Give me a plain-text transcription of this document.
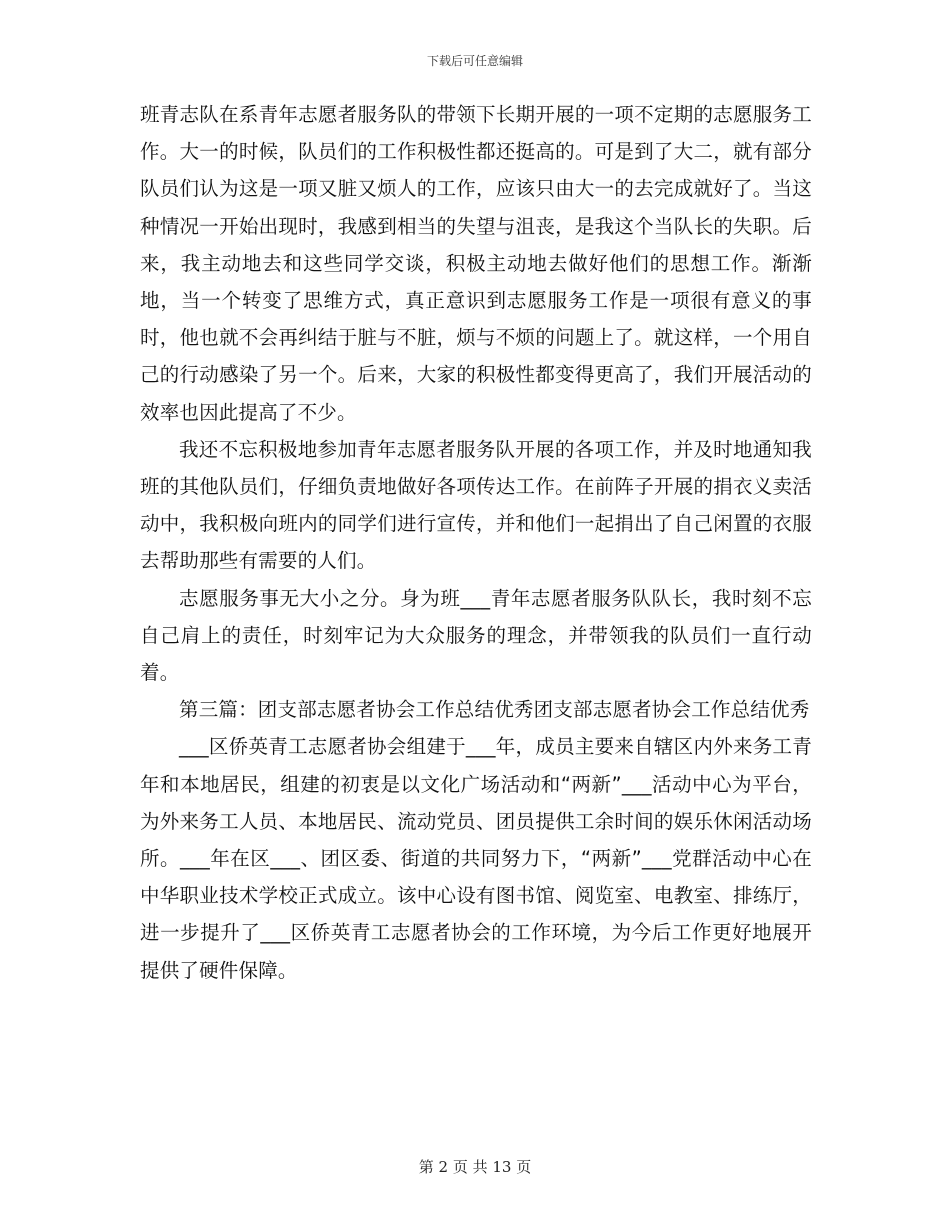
下载后可任意编辑

班青志队在系青年志愿者服务队的带领下长期开展的一项不定期的志愿服务工作。大一的时候，队员们的工作积极性都还挺高的。可是到了大二，就有部分队员们认为这是一项又脏又烦人的工作，应该只由大一的去完成就好了。当这种情况一开始出现时，我感到相当的失望与沮丧，是我这个当队长的失职。后来，我主动地去和这些同学交谈，积极主动地去做好他们的思想工作。渐渐地，当一个转变了思维方式，真正意识到志愿服务工作是一项很有意义的事时，他也就不会再纠结于脏与不脏，烦与不烦的问题上了。就这样，一个用自己的行动感染了另一个。后来，大家的积极性都变得更高了，我们开展活动的效率也因此提高了不少。

我还不忘积极地参加青年志愿者服务队开展的各项工作，并及时地通知我班的其他队员们，仔细负责地做好各项传达工作。在前阵子开展的捐衣义卖活动中，我积极向班内的同学们进行宣传，并和他们一起捐出了自己闲置的衣服去帮助那些有需要的人们。

志愿服务事无大小之分。身为班___青年志愿者服务队队长，我时刻不忘自己肩上的责任，时刻牢记为大众服务的理念，并带领我的队员们一直行动着。

第三篇：团支部志愿者协会工作总结优秀团支部志愿者协会工作总结优秀

___区侨英青工志愿者协会组建于___年，成员主要来自辖区内外来务工青年和本地居民，组建的初衷是以文化广场活动和“两新”___活动中心为平台，为外来务工人员、本地居民、流动党员、团员提供工余时间的娱乐休闲活动场所。___年在区___、团区委、街道的共同努力下，“两新”___党群活动中心在中华职业技术学校正式成立。该中心设有图书馆、阅览室、电教室、排练厅，进一步提升了___区侨英青工志愿者协会的工作环境，为今后工作更好地展开提供了硬件保障。

第 2 页 共 13 页
